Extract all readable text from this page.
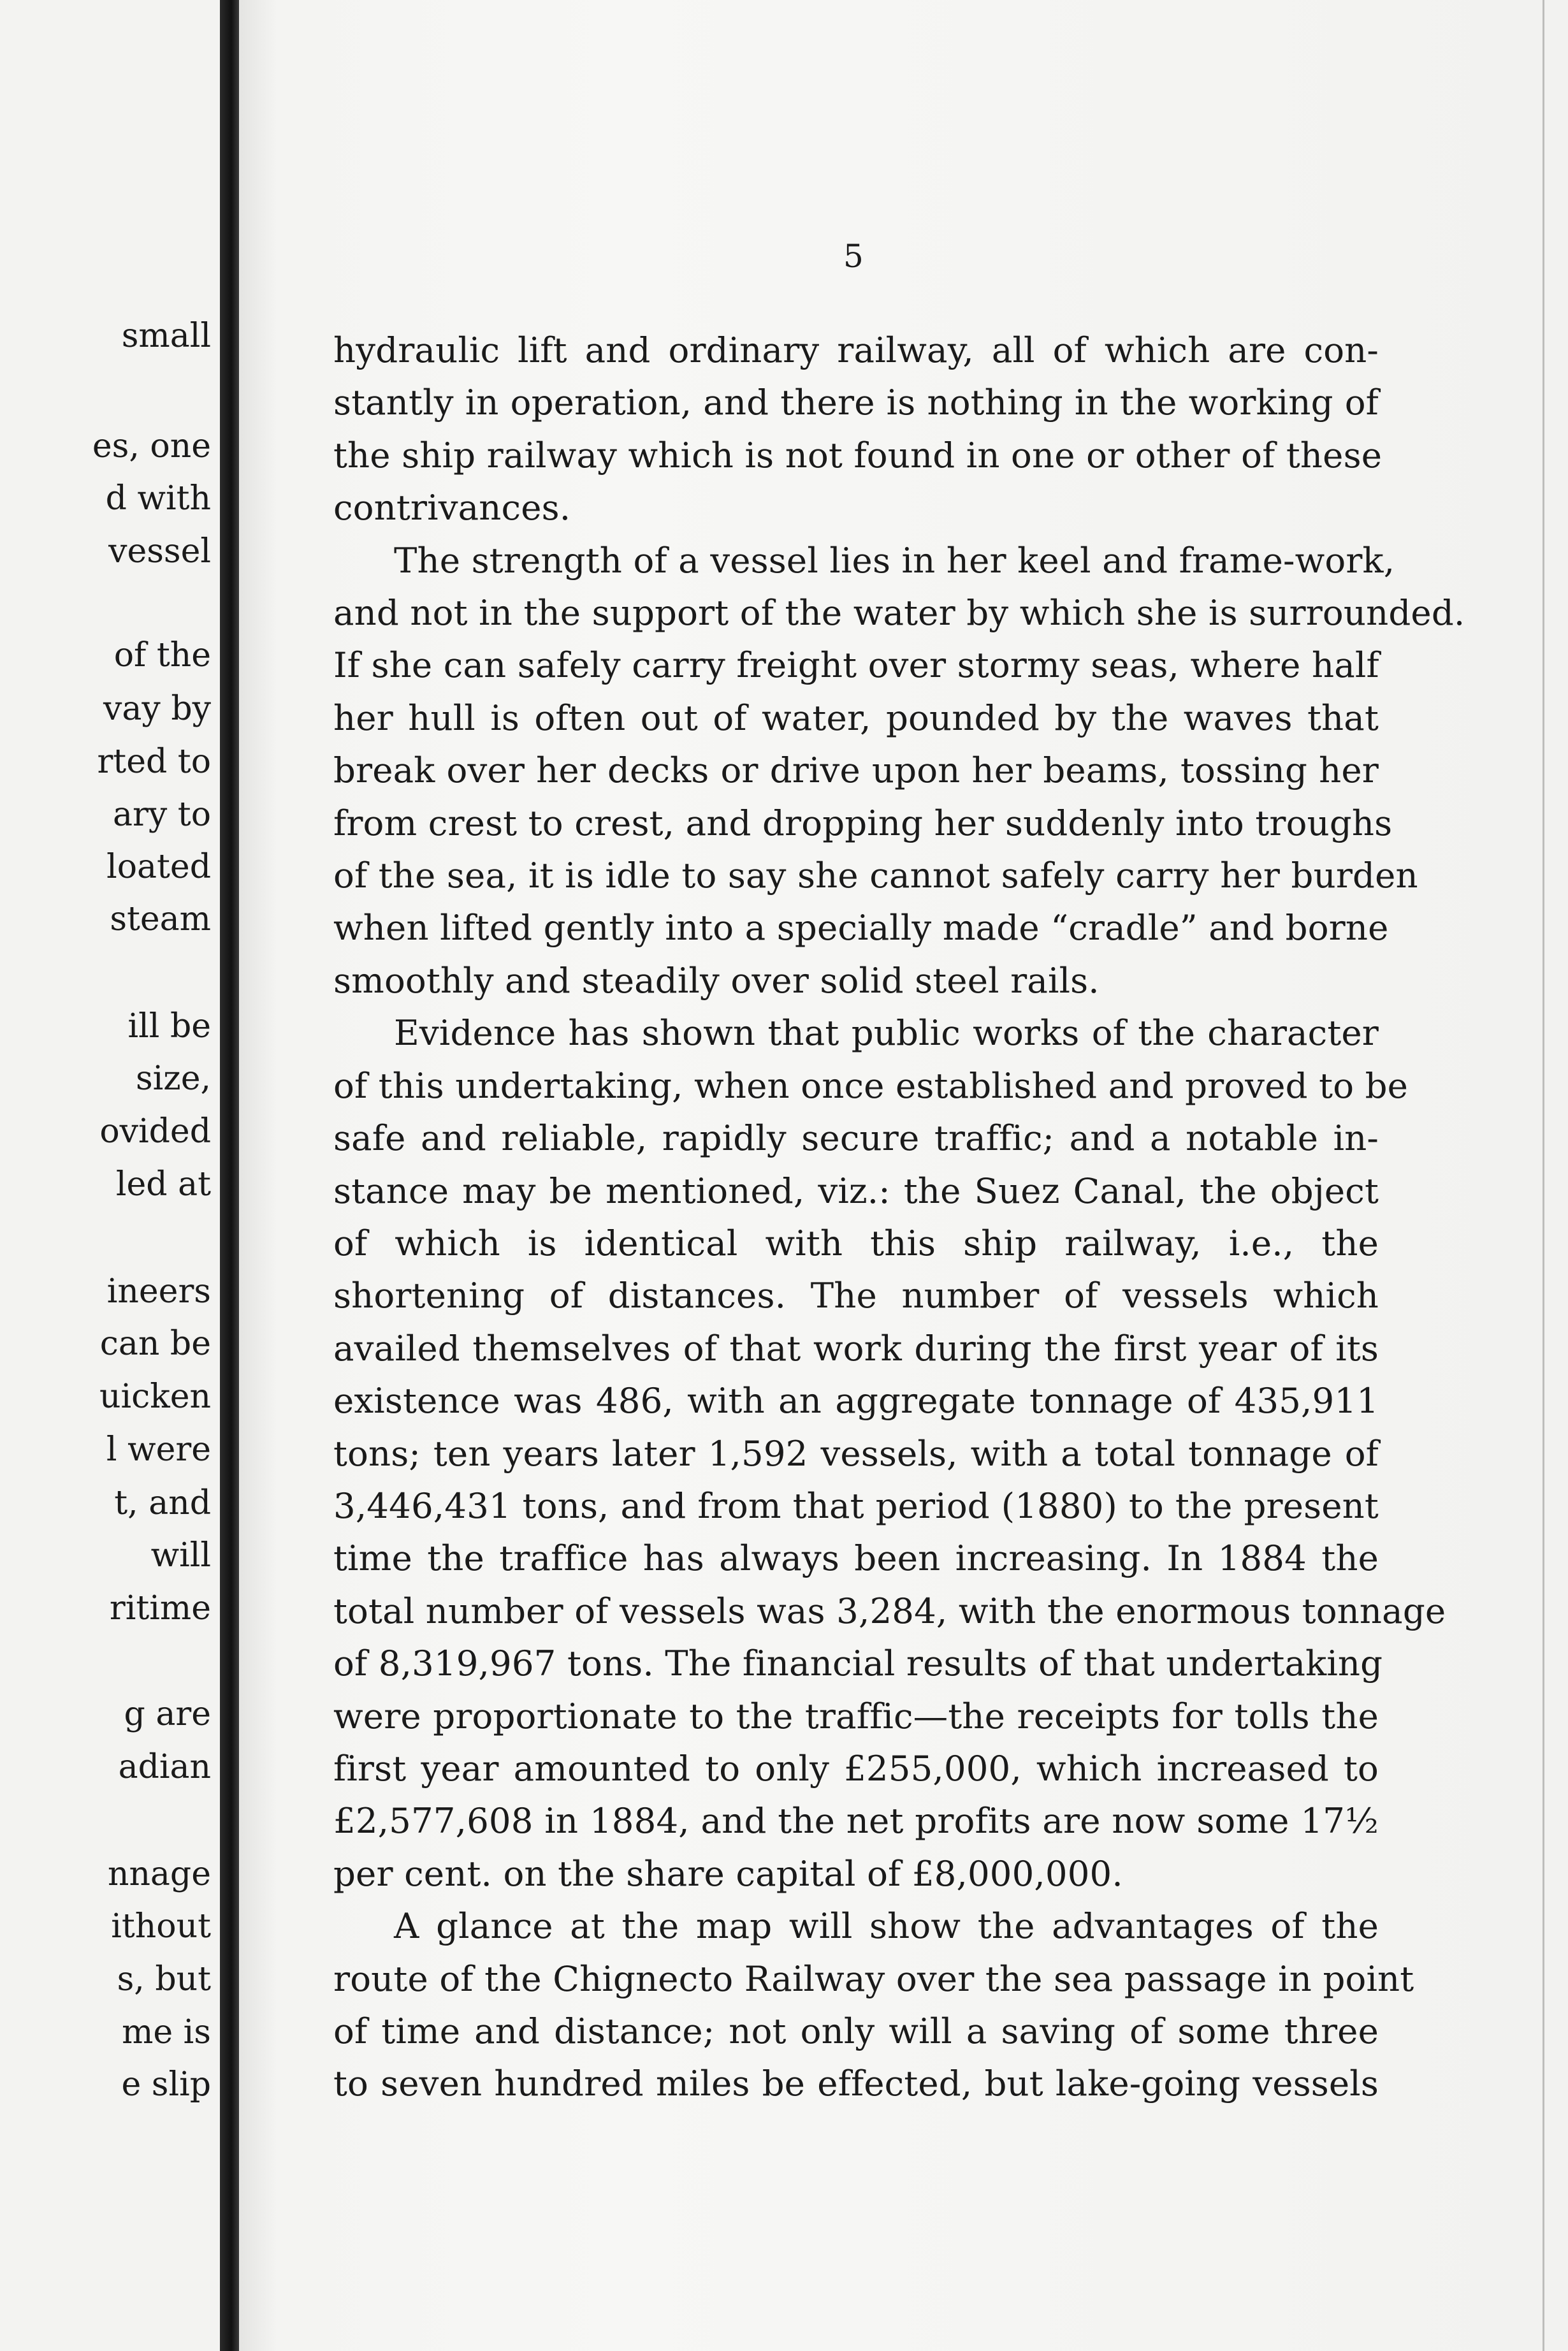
small
es, one
d with
vessel
of the
vay by
rted to
ary to
loated
steam
ill be
size,
ovided
led at
ineers
can be
uicken
l were
t, and
will
ritime
g are
adian
nnage
ithout
s, but
me is
e slip
5

hydraulic lift and ordinary railway, all of which are con-

stantly in operation, and there is nothing in the working of

the ship railway which is not found in one or other of these

contrivances.

The strength of a vessel lies in her keel and frame-work,

and not in the support of the water by which she is surrounded.

If she can safely carry freight over stormy seas, where half

her hull is often out of water, pounded by the waves that

break over her decks or drive upon her beams, tossing her

from crest to crest, and dropping her suddenly into troughs

of the sea, it is idle to say she cannot safely carry her burden

when lifted gently into a specially made “cradle” and borne

smoothly and steadily over solid steel rails.

Evidence has shown that public works of the character

of this undertaking, when once established and proved to be

safe and reliable, rapidly secure traffic; and a notable in-

stance may be mentioned, viz.: the Suez Canal, the object

of which is identical with this ship railway, i.e., the

shortening of distances. The number of vessels which

availed themselves of that work during the first year of its

existence was 486, with an aggregate tonnage of 435,911

tons; ten years later 1,592 vessels, with a total tonnage of

3,446,431 tons, and from that period (1880) to the present

time the traffice has always been increasing. In 1884 the

total number of vessels was 3,284, with the enormous tonnage

of 8,319,967 tons. The financial results of that undertaking

were proportionate to the traffic—the receipts for tolls the

first year amounted to only £255,000, which increased to

£2,577,608 in 1884, and the net profits are now some 17½

per cent. on the share capital of £8,000,000.

A glance at the map will show the advantages of the

route of the Chignecto Railway over the sea passage in point

of time and distance; not only will a saving of some three

to seven hundred miles be effected, but lake-going vessels
